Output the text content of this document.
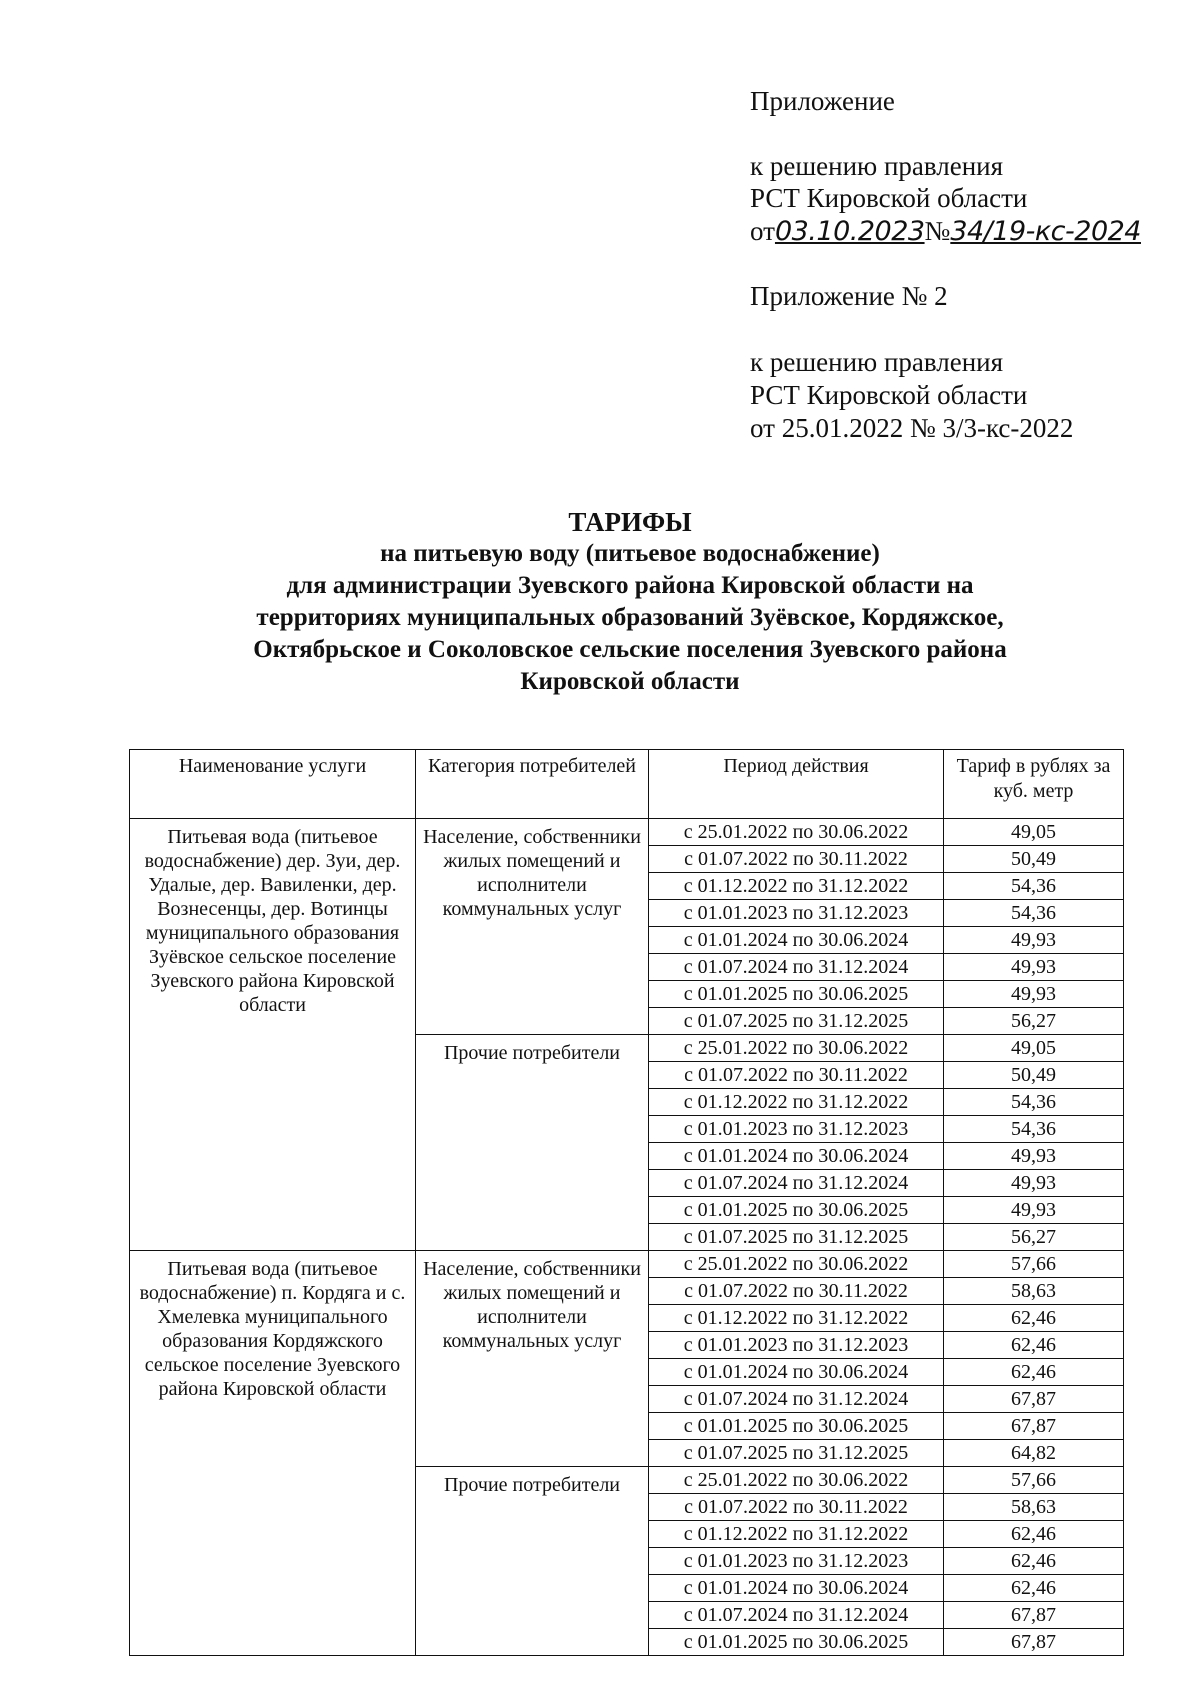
Приложение
к решению правления
РСТ Кировской области
от03.10.2023№34/19-кс-2024
Приложение № 2
к решению правления
РСТ Кировской области
от 25.01.2022 № 3/3-кс-2022
ТАРИФЫ
на питьевую воду (питьевое водоснабжение)
для администрации Зуевского района Кировской области на
территориях муниципальных образований Зуёвское, Кордяжское,
Октябрьское и Соколовское сельские поселения Зуевского района
Кировской области
Наименование услуги	Категория потребителей	Период действия	Тариф в рублях за куб. метр
Питьевая вода (питьевое водоснабжение) дер. Зуи, дер. Удалые, дер. Вавиленки, дер. Вознесенцы, дер. Вотинцы муниципального образования Зуёвское сельское поселение Зуевского района Кировской области	Население, собственники жилых помещений и исполнители коммунальных услуг	с 25.01.2022 по 30.06.2022	49,05
		с 01.07.2022 по 30.11.2022	50,49
		с 01.12.2022 по 31.12.2022	54,36
		с 01.01.2023 по 31.12.2023	54,36
		с 01.01.2024 по 30.06.2024	49,93
		с 01.07.2024 по 31.12.2024	49,93
		с 01.01.2025 по 30.06.2025	49,93
		с 01.07.2025 по 31.12.2025	56,27
	Прочие потребители	с 25.01.2022 по 30.06.2022	49,05
		с 01.07.2022 по 30.11.2022	50,49
		с 01.12.2022 по 31.12.2022	54,36
		с 01.01.2023 по 31.12.2023	54,36
		с 01.01.2024 по 30.06.2024	49,93
		с 01.07.2024 по 31.12.2024	49,93
		с 01.01.2025 по 30.06.2025	49,93
		с 01.07.2025 по 31.12.2025	56,27
Питьевая вода (питьевое водоснабжение) п. Кордяга и с. Хмелевка муниципального образования Кордяжского сельское поселение Зуевского района Кировской области	Население, собственники жилых помещений и исполнители коммунальных услуг	с 25.01.2022 по 30.06.2022	57,66
		с 01.07.2022 по 30.11.2022	58,63
		с 01.12.2022 по 31.12.2022	62,46
		с 01.01.2023 по 31.12.2023	62,46
		с 01.01.2024 по 30.06.2024	62,46
		с 01.07.2024 по 31.12.2024	67,87
		с 01.01.2025 по 30.06.2025	67,87
		с 01.07.2025 по 31.12.2025	64,82
	Прочие потребители	с 25.01.2022 по 30.06.2022	57,66
		с 01.07.2022 по 30.11.2022	58,63
		с 01.12.2022 по 31.12.2022	62,46
		с 01.01.2023 по 31.12.2023	62,46
		с 01.01.2024 по 30.06.2024	62,46
		с 01.07.2024 по 31.12.2024	67,87
		с 01.01.2025 по 30.06.2025	67,87
